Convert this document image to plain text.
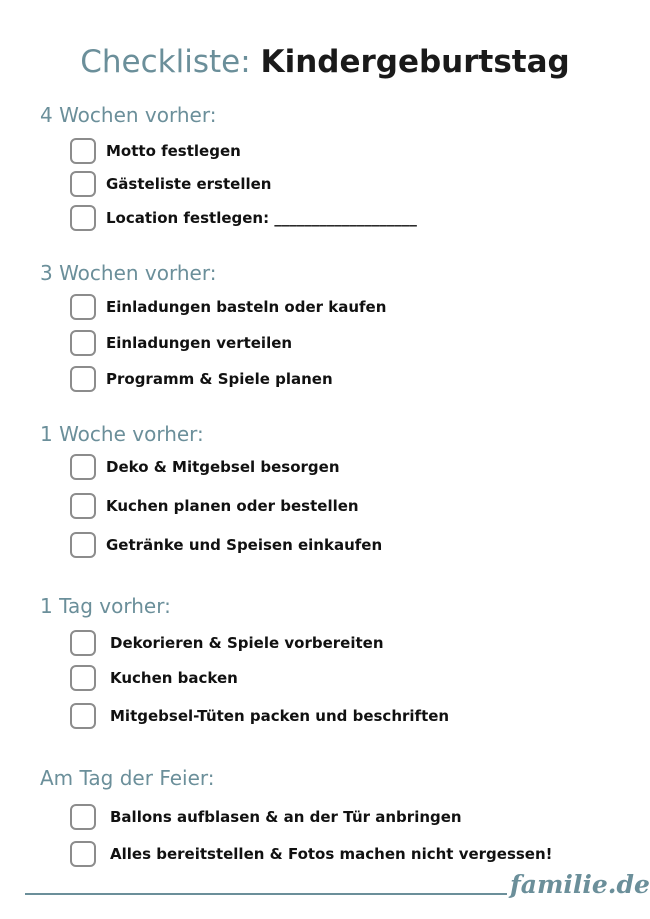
Checkliste: Kindergeburtstag
4 Wochen vorher:
Motto festlegen
Gästeliste erstellen
Location festlegen: ___________________
3 Wochen vorher:
Einladungen basteln oder kaufen
Einladungen verteilen
Programm & Spiele planen
1 Woche vorher:
Deko & Mitgebsel besorgen
Kuchen planen oder bestellen
Getränke und Speisen einkaufen
1 Tag vorher:
Dekorieren & Spiele vorbereiten
Kuchen backen
Mitgebsel-Tüten packen und beschriften
Am Tag der Feier:
Ballons aufblasen & an der Tür anbringen
Alles bereitstellen & Fotos machen nicht vergessen!
familie.de
